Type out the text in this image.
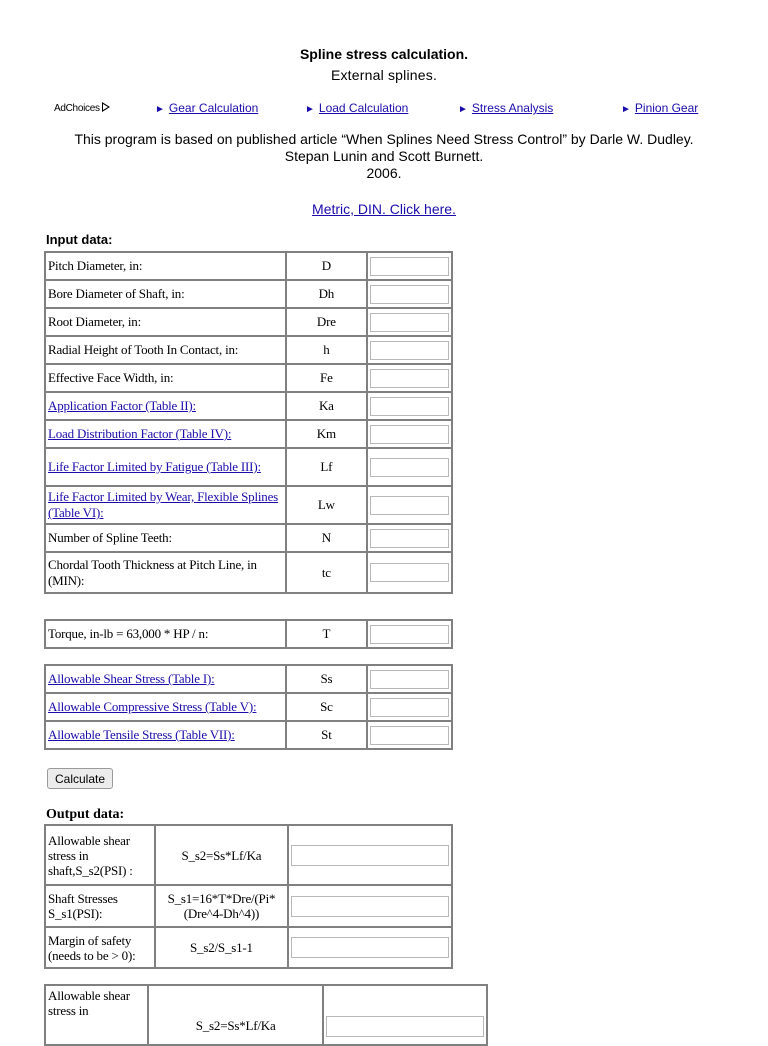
Spline stress calculation.
External splines.
AdChoices	► Gear Calculation	► Load Calculation	► Stress Analysis	► Pinion Gear
This program is based on published article “When Splines Need Stress Control” by Darle W. Dudley.
Stepan Lunin and Scott Burnett.
2006.
Metric, DIN. Click here.
Input data:
Pitch Diameter, in:	D	

Bore Diameter of Shaft, in:	Dh	

Root Diameter, in:	Dre	

Radial Height of Tooth In Contact, in:	h	

Effective Face Width, in:	Fe	

Application Factor (Table II):	Ka	

Load Distribution Factor (Table IV):	Km	

Life Factor Limited by Fatigue (Table III):	Lf	

Life Factor Limited by Wear, Flexible Splines (Table VI):	Lw	

Number of Spline Teeth:	N	

Chordal Tooth Thickness at Pitch Line, in (MIN):	tc	
Torque, in-lb = 63,000 * HP / n:	T	
Allowable Shear Stress (Table I):	Ss	

Allowable Compressive Stress (Table V):	Sc	

Allowable Tensile Stress (Table VII):	St	
Calculate
Output data:
Allowable shear stress in shaft,S_s2(PSI) :	S_s2=Ss*Lf/Ka	

Shaft Stresses S_s1(PSI):	S_s1=16*T*Dre/(Pi*(Dre^4-Dh^4))	

Margin of safety (needs to be > 0):	S_s2/S_s1-1	
Allowable shear stress in	S_s2=Ss*Lf/Ka	
